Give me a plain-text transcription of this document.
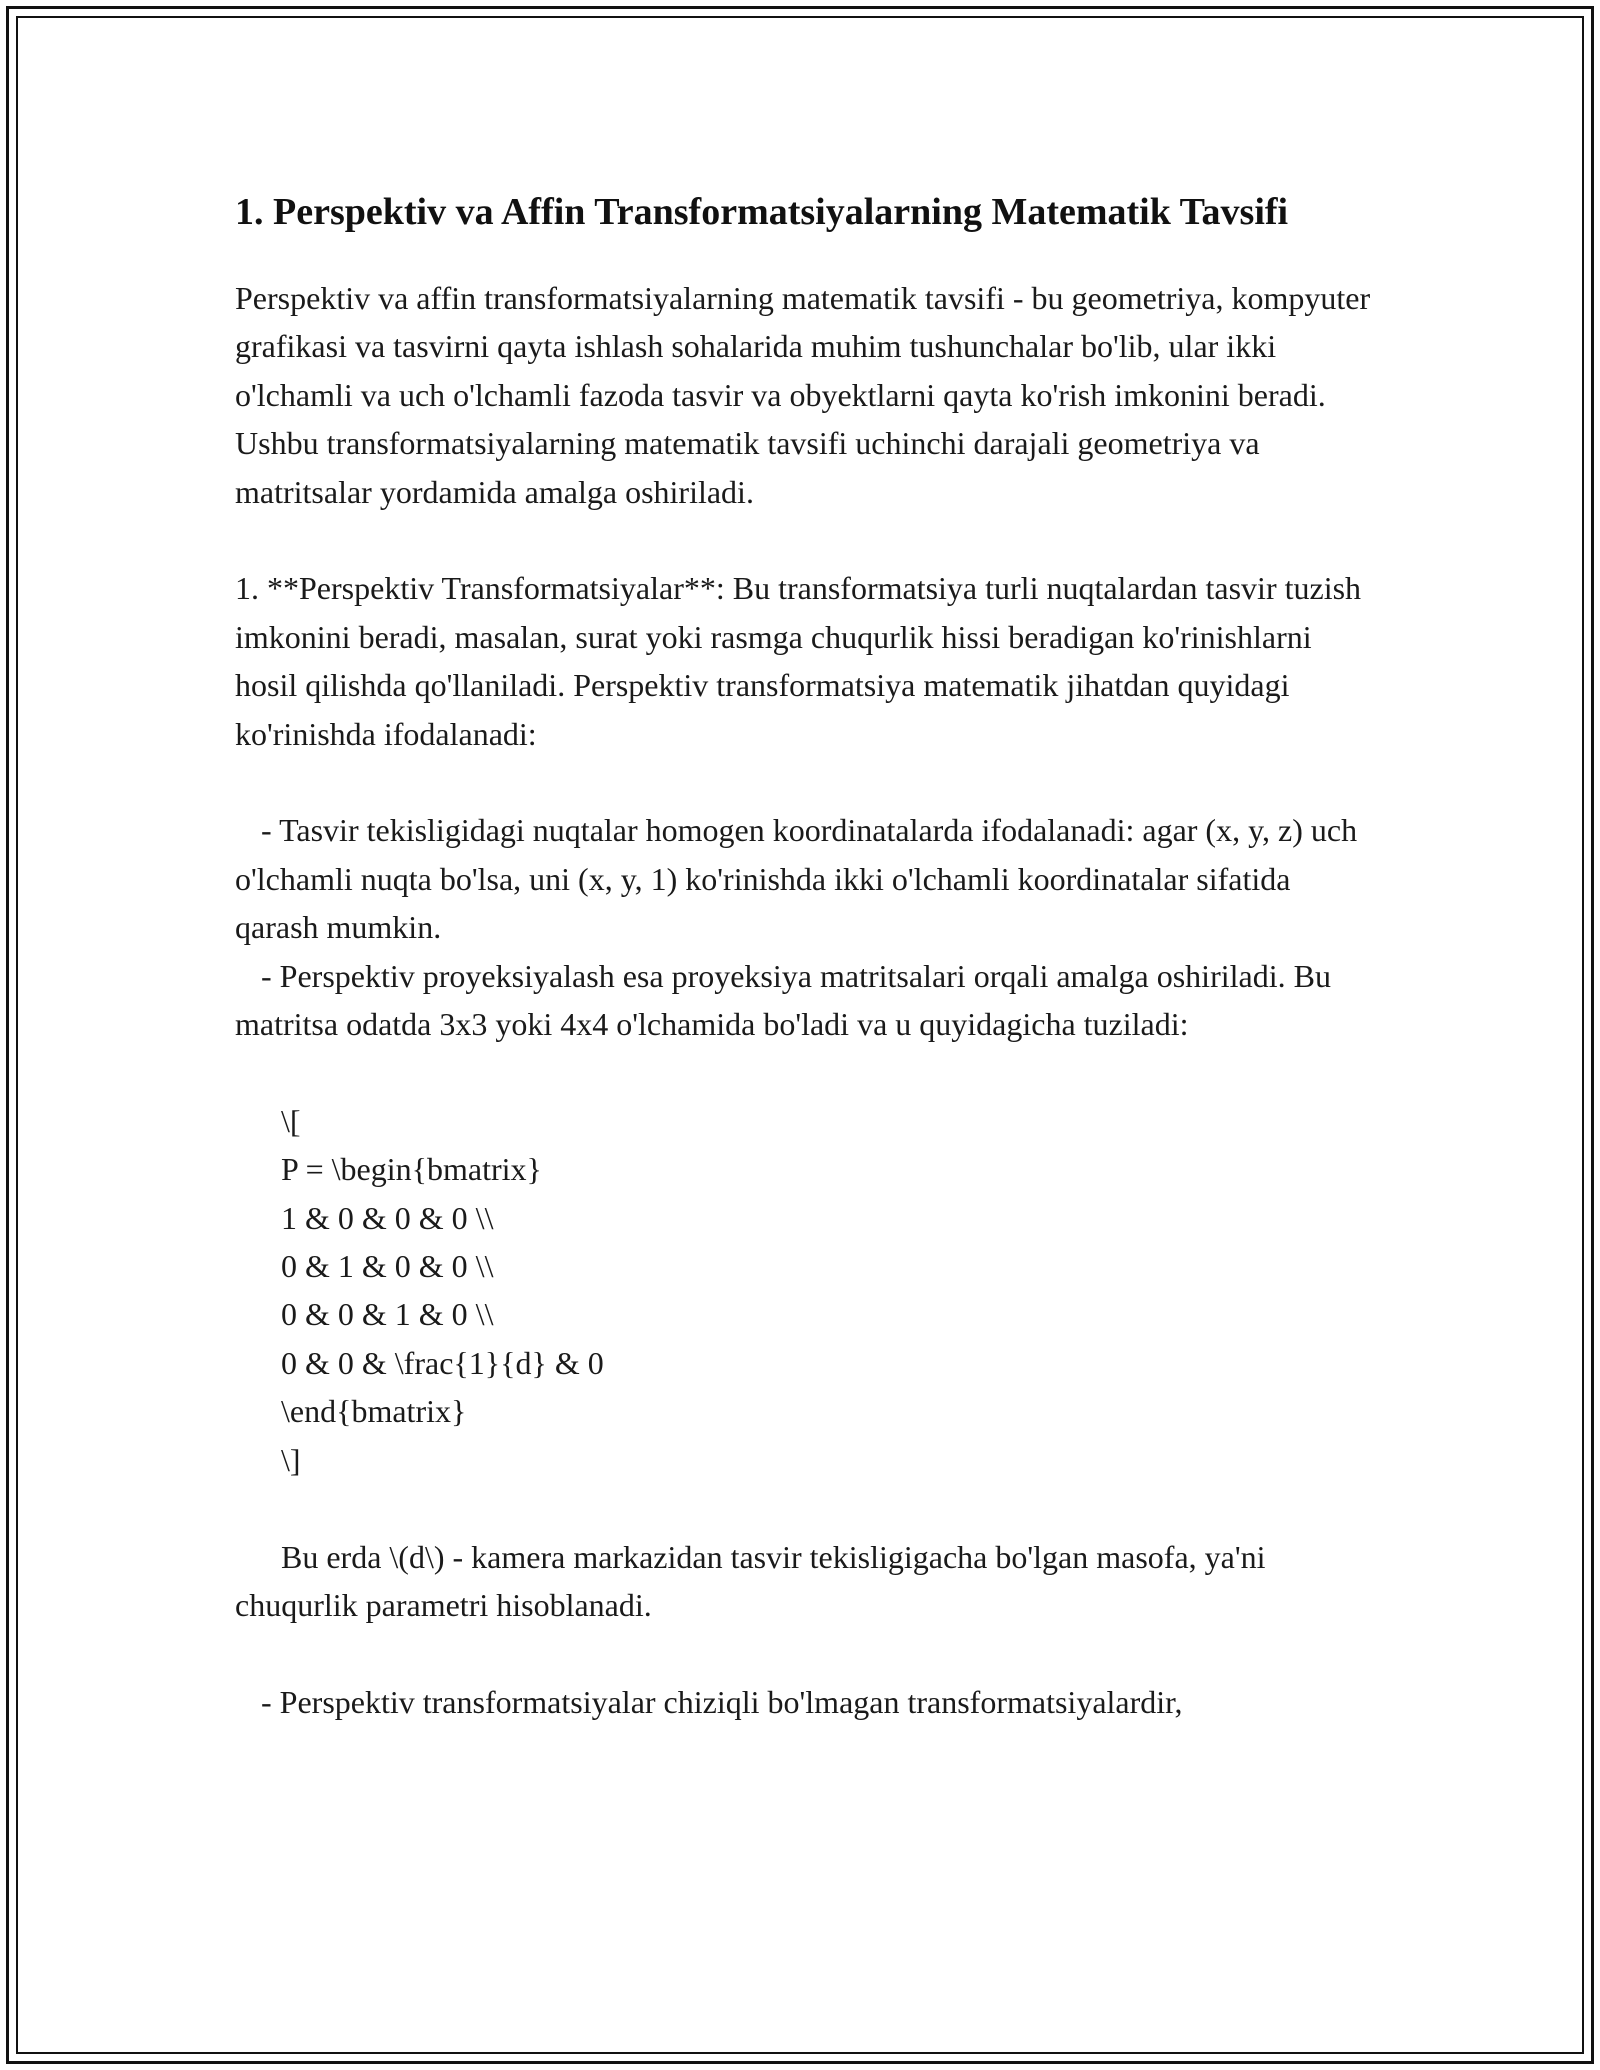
1. Perspektiv va Affin Transformatsiyalarning Matematik Tavsifi

Perspektiv va affin transformatsiyalarning matematik tavsifi - bu geometriya, kompyuter grafikasi va tasvirni qayta ishlash sohalarida muhim tushunchalar bo'lib, ular ikki o'lchamli va uch o'lchamli fazoda tasvir va obyektlarni qayta ko'rish imkonini beradi. Ushbu transformatsiyalarning matematik tavsifi uchinchi darajali geometriya va matritsalar yordamida amalga oshiriladi.

1. **Perspektiv Transformatsiyalar**: Bu transformatsiya turli nuqtalardan tasvir tuzish imkonini beradi, masalan, surat yoki rasmga chuqurlik hissi beradigan ko'rinishlarni hosil qilishda qo'llaniladi. Perspektiv transformatsiya matematik jihatdan quyidagi ko'rinishda ifodalanadi:

- Tasvir tekisligidagi nuqtalar homogen koordinatalarda ifodalanadi: agar (x, y, z) uch o'lchamli nuqta bo'lsa, uni (x, y, 1) ko'rinishda ikki o'lchamli koordinatalar sifatida qarash mumkin.

- Perspektiv proyeksiyalash esa proyeksiya matritsalari orqali amalga oshiriladi. Bu matritsa odatda 3x3 yoki 4x4 o'lchamida bo'ladi va u quyidagicha tuziladi:

\[

P = \begin{bmatrix}

1 & 0 & 0 & 0 \\

0 & 1 & 0 & 0 \\

0 & 0 & 1 & 0 \\

0 & 0 & \frac{1}{d} & 0

\end{bmatrix}

\]

Bu erda \(d\) - kamera markazidan tasvir tekisligigacha bo'lgan masofa, ya'ni chuqurlik parametri hisoblanadi.

- Perspektiv transformatsiyalar chiziqli bo'lmagan transformatsiyalardir,
